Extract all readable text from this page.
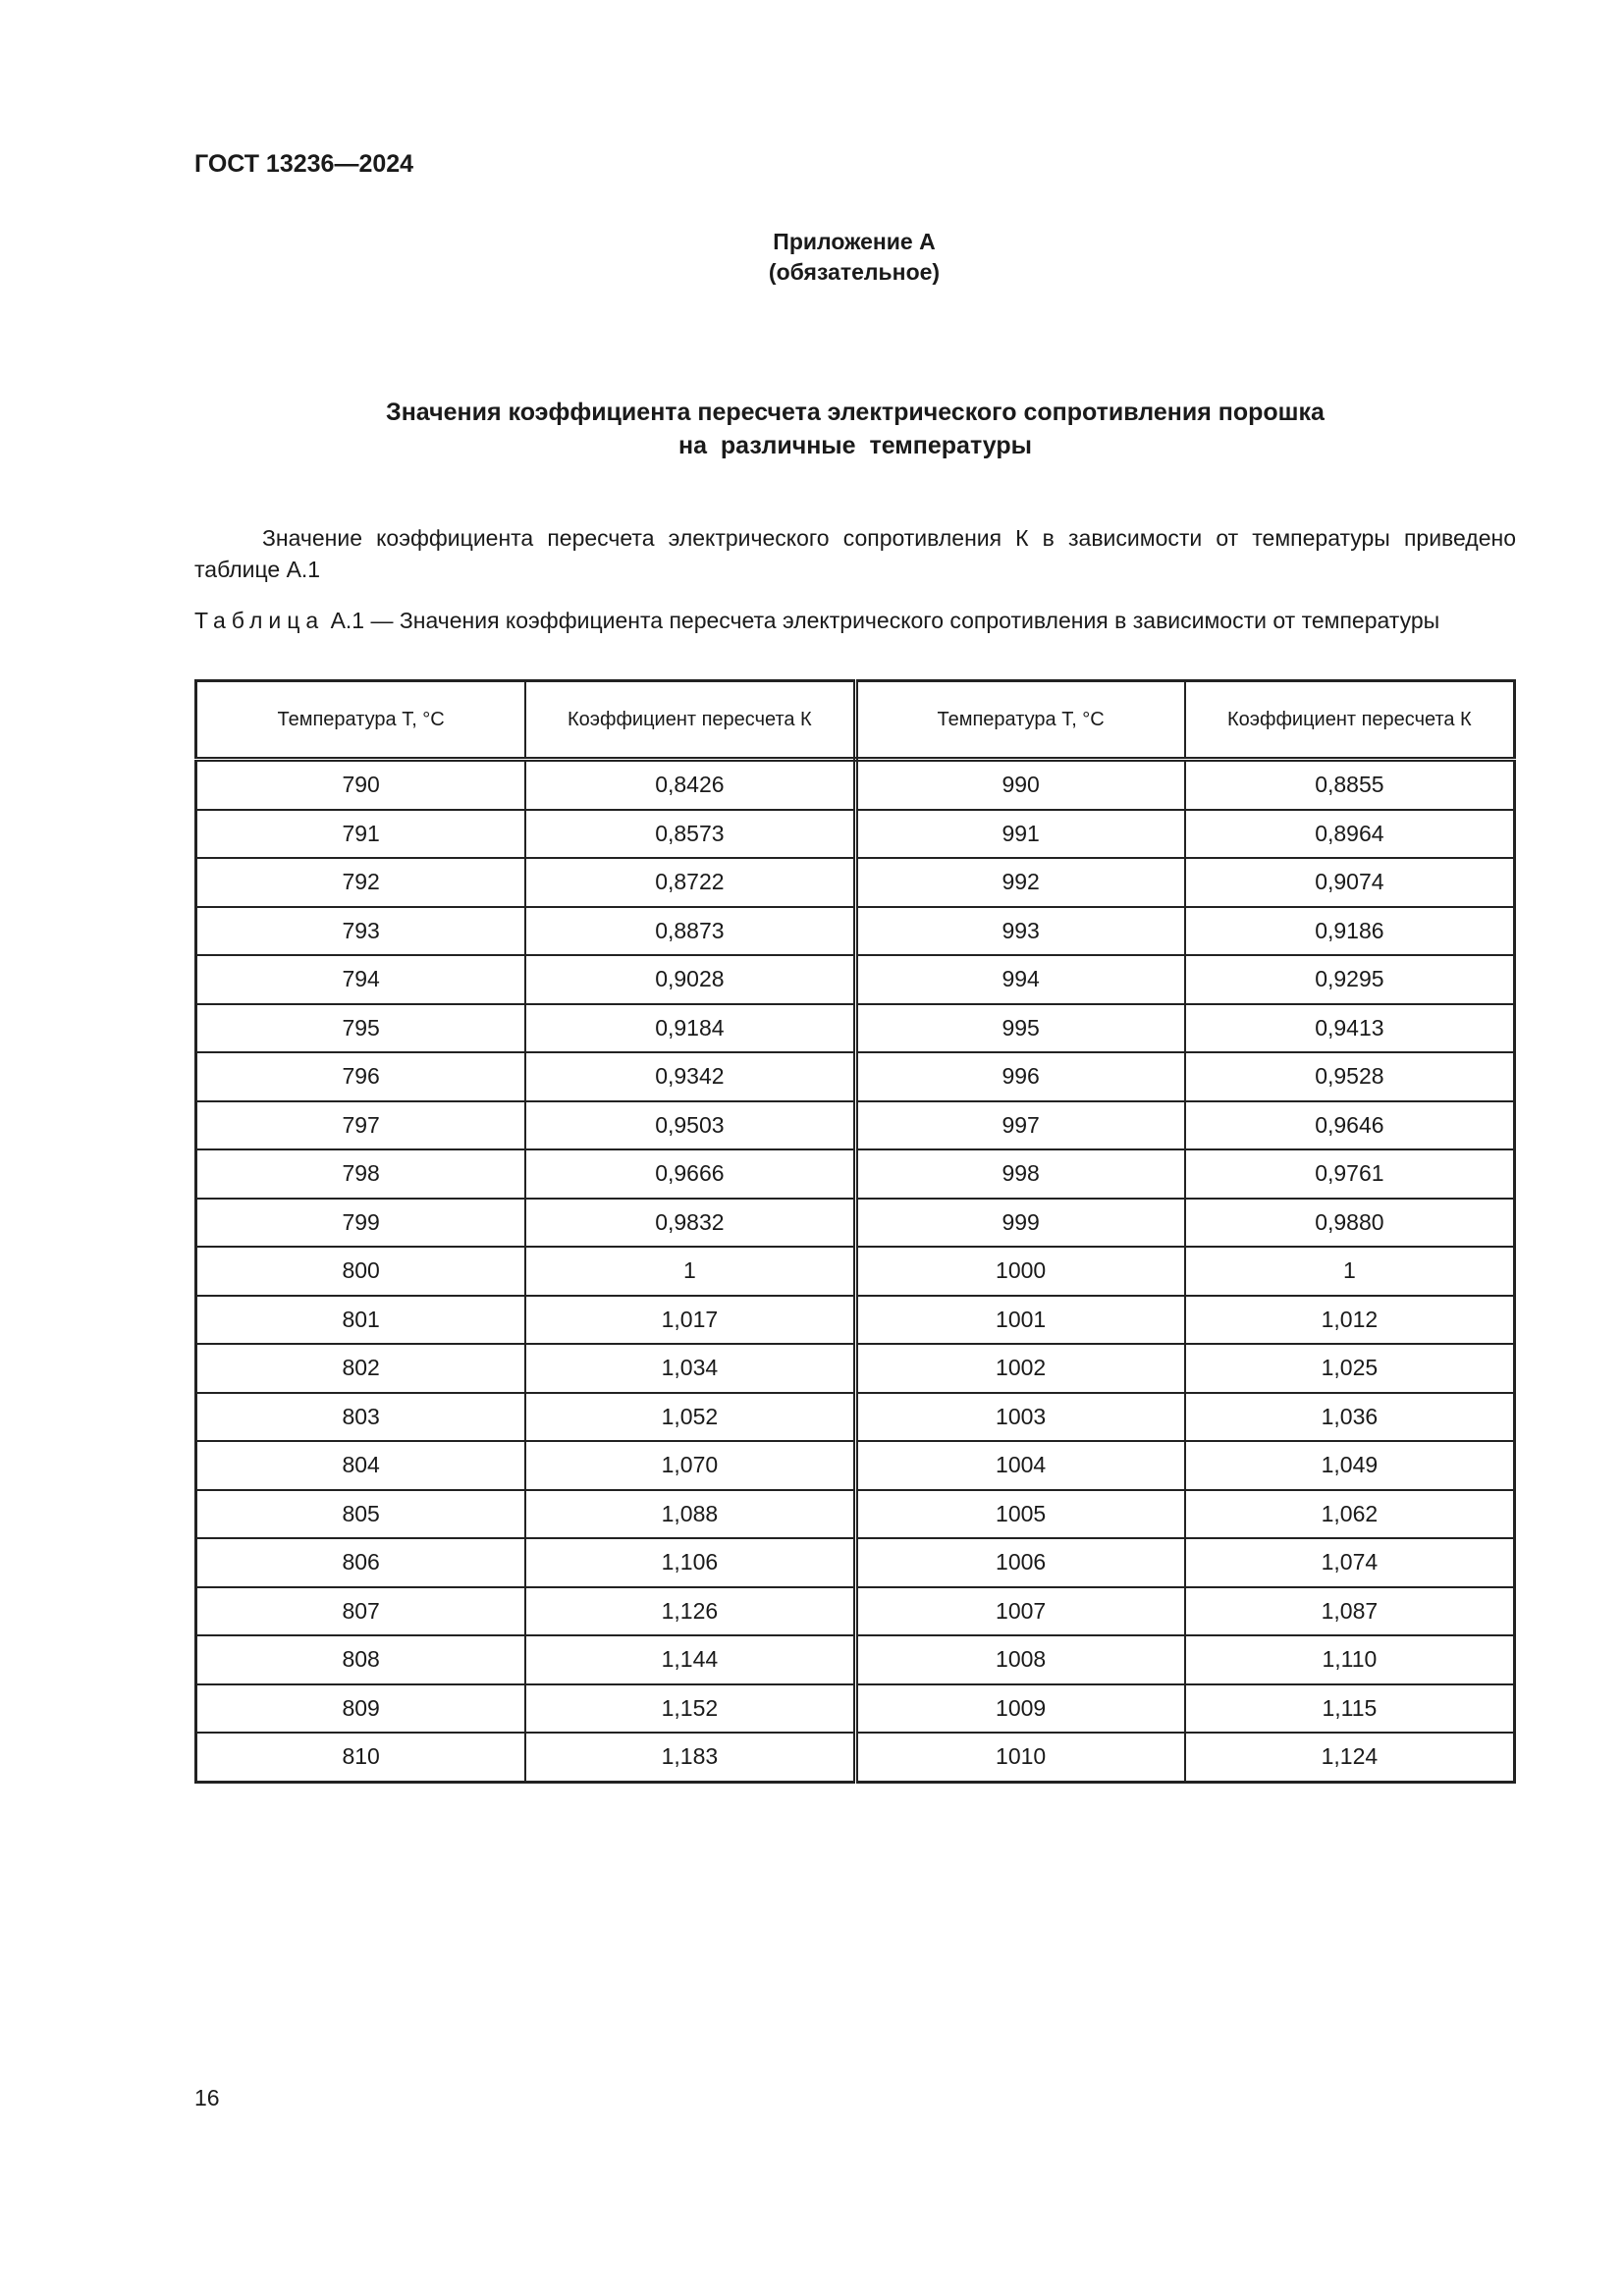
ГОСТ 13236—2024
Приложение А
(обязательное)
Значения коэффициента пересчета электрического сопротивления порошка
на  различные  температуры
Значение коэффициента пересчета электрического сопротивления К в зависимости от температуры приведено таблице А.1
Таблица А.1 — Значения коэффициента пересчета электрического сопротивления в зависимости от температуры
Температура Т, °С	Коэффициент пересчета К	Температура Т, °С	Коэффициент пересчета К
790	0,8426	990	0,8855
791	0,8573	991	0,8964
792	0,8722	992	0,9074
793	0,8873	993	0,9186
794	0,9028	994	0,9295
795	0,9184	995	0,9413
796	0,9342	996	0,9528
797	0,9503	997	0,9646
798	0,9666	998	0,9761
799	0,9832	999	0,9880
800	1	1000	1
801	1,017	1001	1,012
802	1,034	1002	1,025
803	1,052	1003	1,036
804	1,070	1004	1,049
805	1,088	1005	1,062
806	1,106	1006	1,074
807	1,126	1007	1,087
808	1,144	1008	1,110
809	1,152	1009	1,115
810	1,183	1010	1,124
16
